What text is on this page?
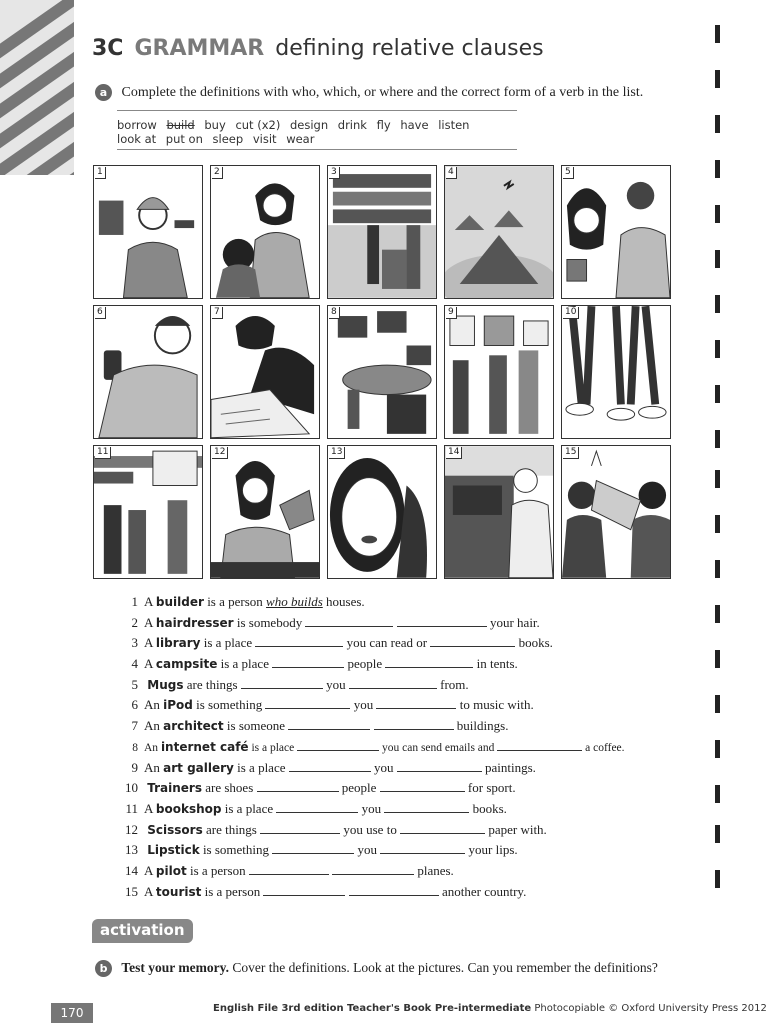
3C GRAMMAR defining relative clauses
a Complete the definitions with who, which, or where and the correct form of a verb in the list.
borrow build buy cut (x2) design drink fly have listen
look at put on sleep visit wear
1	2	3	4	5
6	7	8	9	10
11	12	13	14	15
1 A builder is a person who builds houses.
2 A hairdresser is somebody	your hair.
3 A library is a place	you can read or	books.
4 A campsite is a place	people	in tents.
5 Mugs are things	you	from.
6 An iPod is something	you	to music with.
7 An architect is someone	buildings.
8 An internet café is a place	you can send emails and	a coffee.
9 An art gallery is a place	you	paintings.
10 Trainers are shoes	people	for sport.
11 A bookshop is a place	you	books.
12 Scissors are things	you use to	paper with.
13 Lipstick is something	you	your lips.
14 A pilot is a person	planes.
15 A tourist is a person	another country.
activation
b Test your memory. Cover the definitions. Look at the pictures. Can you remember the definitions?
170	English File 3rd edition Teacher's Book Pre-intermediate Photocopiable © Oxford University Press 2012
